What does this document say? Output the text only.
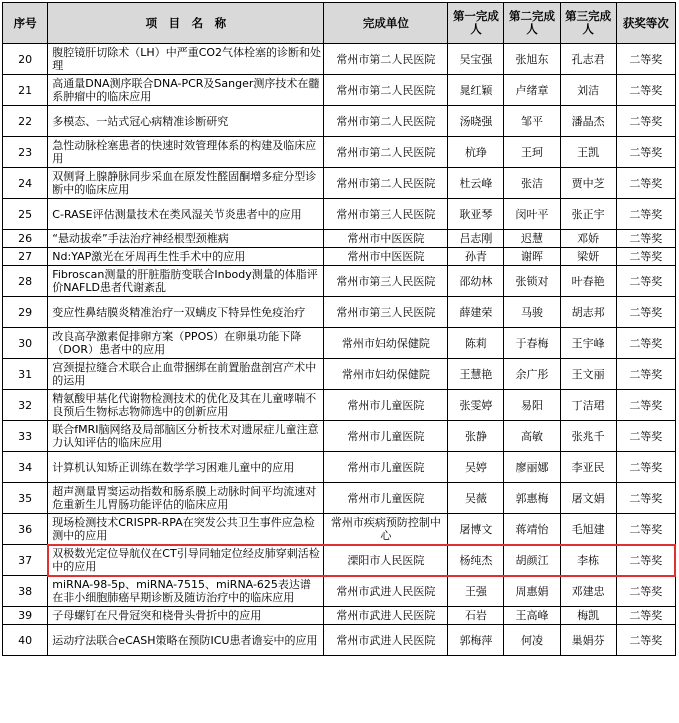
序号	项　目　名　称	完成单位	第一完成人	第二完成人	第三完成人	获奖等次
20	腹腔镜肝切除术（LH）中严重CO2气体栓塞的诊断和处理	常州市第二人民医院	吴宝强	张旭东	孔志君	二等奖
21	高通量DNA测序联合DNA-PCR及Sanger测序技术在髓系肿瘤中的临床应用	常州市第二人民医院	晁红颖	卢绪章	刘洁	二等奖
22	多模态、一站式冠心病精准诊断研究	常州市第二人民医院	汤晓强	邹平	潘晶杰	二等奖
23	急性动脉栓塞患者的快速时效管理体系的构建及临床应用	常州市第二人民医院	杭琤	王珂	王凯	二等奖
24	双侧肾上腺静脉同步采血在原发性醛固酮增多症分型诊断中的临床应用	常州市第二人民医院	杜云峰	张洁	贾中芝	二等奖
25	C-RASE评估测量技术在类风湿关节炎患者中的应用	常州市第三人民医院	耿亚琴	闵叶平	张正宇	二等奖
26	“悬动拔牵”手法治疗神经根型颈椎病	常州市中医医院	吕志刚	迟慧	邓娇	二等奖
27	Nd:YAP激光在牙周再生性手术中的应用	常州市中医医院	孙青	谢晖	梁妍	二等奖
28	Fibroscan测量的肝脏脂肪变联合Inbody测量的体脂评价NAFLD患者代谢紊乱	常州市第三人民医院	邵幼林	张锁对	叶春艳	二等奖
29	变应性鼻结膜炎精准治疗一双螨皮下特异性免疫治疗	常州市第三人民医院	薛建荣	马骏	胡志邦	二等奖
30	改良高孕激素促排卵方案（PPOS）在卵巢功能下降（DOR）患者中的应用	常州市妇幼保健院	陈莉	于春梅	王宇峰	二等奖
31	宫颈提拉缝合术联合止血带捆绑在前置胎盘剖宫产术中的运用	常州市妇幼保健院	王慧艳	余广彤	王文丽	二等奖
32	精氨酸甲基化代谢物检测技术的优化及其在儿童哮喘不良预后生物标志物筛选中的创新应用	常州市儿童医院	张雯婷	易阳	丁洁珺	二等奖
33	联合fMRI脑网络及局部脑区分析技术对遗尿症儿童注意力认知评估的临床应用	常州市儿童医院	张静	高敏	张兆千	二等奖
34	计算机认知矫正训练在数学学习困难儿童中的应用	常州市儿童医院	吴婷	廖丽娜	李亚民	二等奖
35	超声测量胃窦运动指数和肠系膜上动脉时间平均流速对危重新生儿胃肠功能评估的临床应用	常州市儿童医院	吴薇	郭惠梅	屠文娟	二等奖
36	现场检测技术CRISPR-RPA在突发公共卫生事件应急检测中的应用	常州市疾病预防控制中心	屠博文	蒋靖怡	毛旭建	二等奖
37	双极数光定位导航仪在CT引导同轴定位经皮肺穿刺活检中的应用	溧阳市人民医院	杨纯杰	胡颜江	李栋	二等奖
38	miRNA-98-5p、miRNA-7515、miRNA-625表达谱在非小细胞肺癌早期诊断及随访治疗中的临床应用	常州市武进人民医院	王强	周惠娟	邓建忠	二等奖
39	子母螺钉在尺骨冠突和桡骨头骨折中的应用	常州市武进人民医院	石岩	王高峰	梅凯	二等奖
40	运动疗法联合eCASH策略在预防ICU患者谵妄中的应用	常州市武进人民医院	郭梅萍	何凌	巢娟芬	二等奖
